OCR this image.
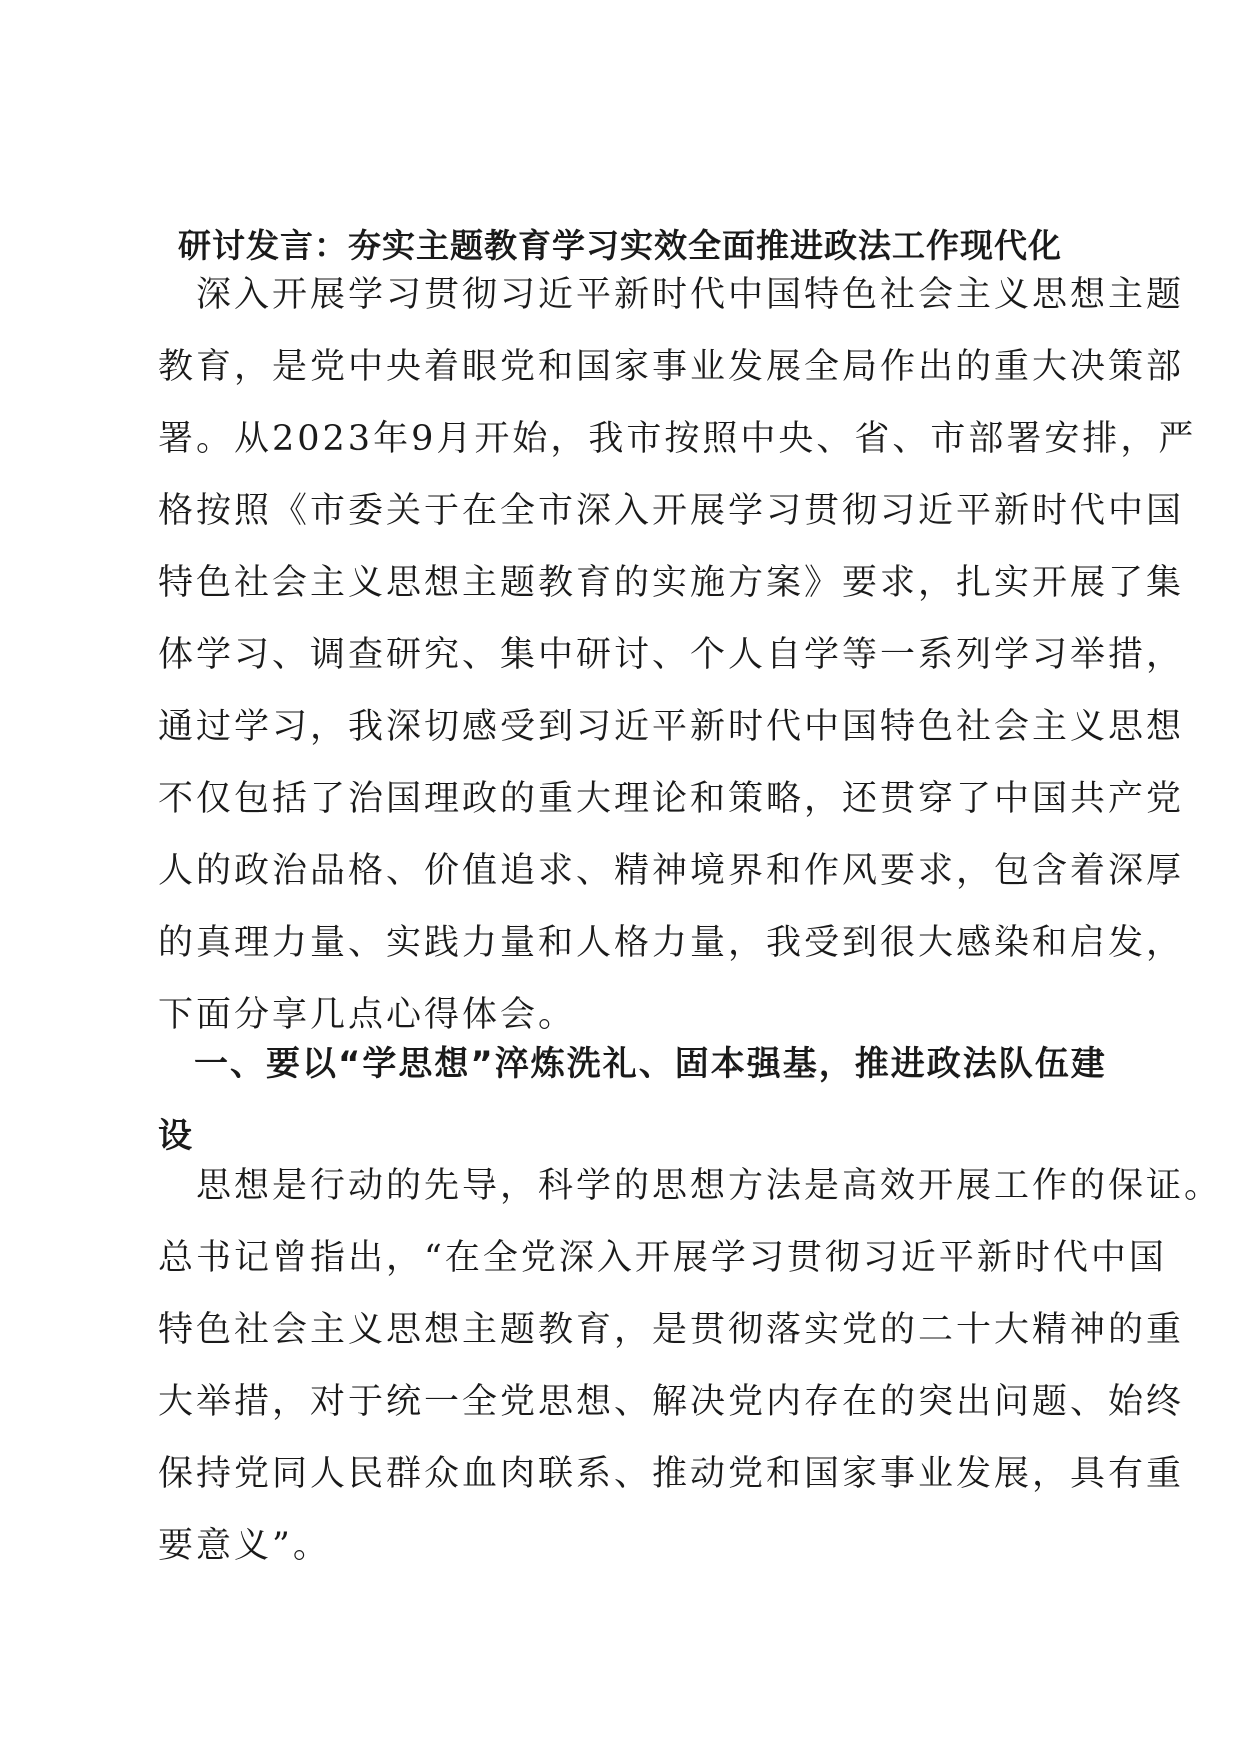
研讨发言：夯实主题教育学习实效全面推进政法工作现代化
　深入开展学习贯彻习近平新时代中国特色社会主义思想主题
教育，是党中央着眼党和国家事业发展全局作出的重大决策部
署。从2023年9月开始，我市按照中央、省、市部署安排，严
格按照《市委关于在全市深入开展学习贯彻习近平新时代中国
特色社会主义思想主题教育的实施方案》要求，扎实开展了集
体学习、调查研究、集中研讨、个人自学等一系列学习举措，
通过学习，我深切感受到习近平新时代中国特色社会主义思想
不仅包括了治国理政的重大理论和策略，还贯穿了中国共产党
人的政治品格、价值追求、精神境界和作风要求，包含着深厚
的真理力量、实践力量和人格力量，我受到很大感染和启发，
下面分享几点心得体会。
　一、要以“学思想”淬炼洗礼、固本强基，推进政法队伍建
设
　思想是行动的先导，科学的思想方法是高效开展工作的保证。
总书记曾指出，“在全党深入开展学习贯彻习近平新时代中国
特色社会主义思想主题教育，是贯彻落实党的二十大精神的重
大举措，对于统一全党思想、解决党内存在的突出问题、始终
保持党同人民群众血肉联系、推动党和国家事业发展，具有重
要意义”。
